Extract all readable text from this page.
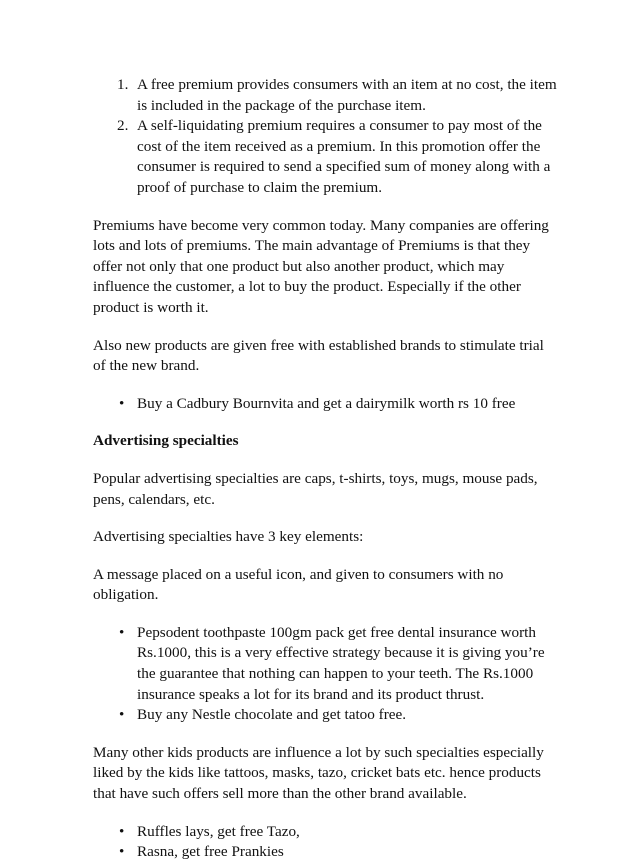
A free premium provides consumers with an item at no cost, the item is included in the package of the purchase item.
A self-liquidating premium requires a consumer to pay most of the cost of the item received as a premium. In this promotion offer the consumer is required to send a specified sum of money along with a proof of purchase to claim the premium.

Premiums have become very common today. Many companies are offering lots and lots of premiums. The main advantage of Premiums is that they offer not only that one product but also another product, which may influence the customer, a lot to buy the product. Especially if the other product is worth it.

Also new products are given free with established brands to stimulate trial of the new brand.

• Buy a Cadbury Bournvita and get a dairymilk worth rs 10 free

Advertising specialties

Popular advertising specialties are caps, t-shirts, toys, mugs, mouse pads, pens, calendars, etc.

Advertising specialties have 3 key elements:

A message placed on a useful icon, and given to consumers with no obligation.

• Pepsodent toothpaste 100gm pack get free dental insurance worth Rs.1000, this is a very effective strategy because it is giving you’re the guarantee that nothing can happen to your teeth. The Rs.1000 insurance speaks a lot for its brand and its product thrust.
• Buy any Nestle chocolate and get tatoo free.

Many other kids products are influence a lot by such specialties especially liked by the kids like tattoos, masks, tazo, cricket bats etc. hence products that have such offers sell more than the other brand available.

• Ruffles lays, get free Tazo,
• Rasna, get free Prankies
